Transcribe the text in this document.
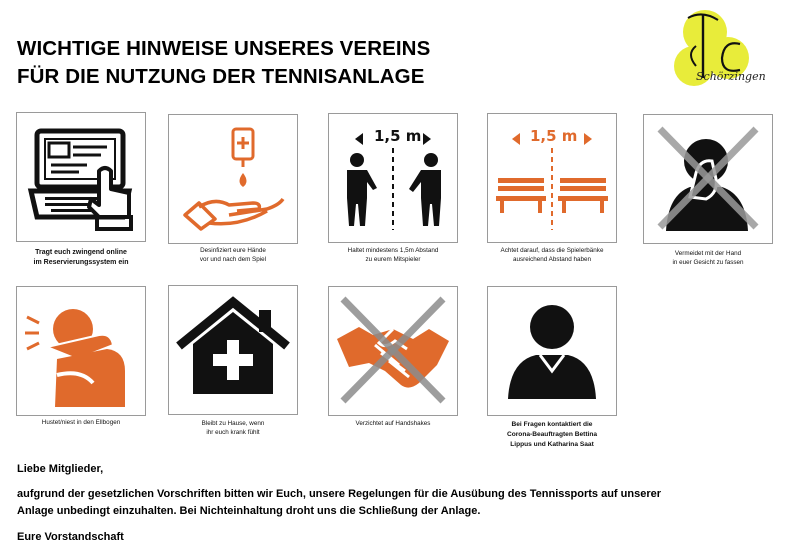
WICHTIGE HINWEISE UNSERES VEREINS
FÜR DIE NUTZUNG DER TENNISANLAGE	Schörzingen
Tragt euch zwingend online
im Reservierungssystem ein
Desinfiziert eure Hände
vor und nach dem Spiel
1,5 m
Haltet mindestens 1,5m Abstand
zu eurem Mitspieler
1,5 m
Achtet darauf, dass die Spielerbänke
ausreichend Abstand haben
Vermeidet mit der Hand
in euer Gesicht zu fassen
Hustet/niest in den Ellbogen	Bleibt zu Hause, wenn
ihr euch krank fühlt
Verzichtet auf Handshakes	Bei Fragen kontaktiert die
Corona-Beauftragten Bettina
Lippus und Katharina Saat
Liebe Mitglieder,
aufgrund der gesetzlichen Vorschriften bitten wir Euch, unsere Regelungen für die Ausübung des Tennissports auf unserer
Anlage unbedingt einzuhalten. Bei Nichteinhaltung droht uns die Schließung der Anlage.
Eure Vorstandschaft
